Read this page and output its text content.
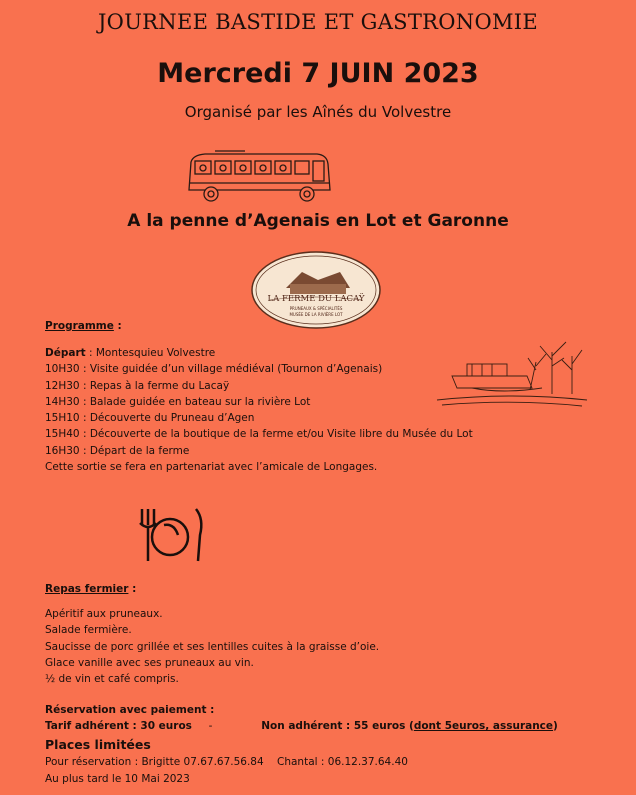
JOURNEE BASTIDE ET GASTRONOMIE
Mercredi 7 JUIN 2023
Organisé par les Aînés du Volvestre
A la penne d’Agenais en Lot et Garonne
LA FERME DU LACAŸ
PRUNEAUX & SPÉCIALITÉS
MUSÉE DE LA RIVIÈRE LOT
Programme :
Départ : Montesquieu Volvestre
10H30 : Visite guidée d’un village médiéval (Tournon d’Agenais)
12H30 : Repas à la ferme du Lacaÿ
14H30 : Balade guidée en bateau sur la rivière Lot
15H10 : Découverte du Pruneau d’Agen
15H40 : Découverte de la boutique de la ferme et/ou Visite libre du Musée du Lot
16H30 : Départ de la ferme
Cette sortie se fera en partenariat avec l’amicale de Longages.
Repas fermier :
Apéritif aux pruneaux.
Salade fermière.
Saucisse de porc grillée et ses lentilles cuites à la graisse d’oie.
Glace vanille avec ses pruneaux au vin.
½ de vin et café compris.
Réservation avec paiement :
Tarif adhérent : 30 euros -	Non adhérent : 55 euros (dont 5euros, assurance)
Places limitées
Pour réservation : Brigitte 07.67.67.56.84 Chantal : 06.12.37.64.40
Au plus tard le 10 Mai 2023
